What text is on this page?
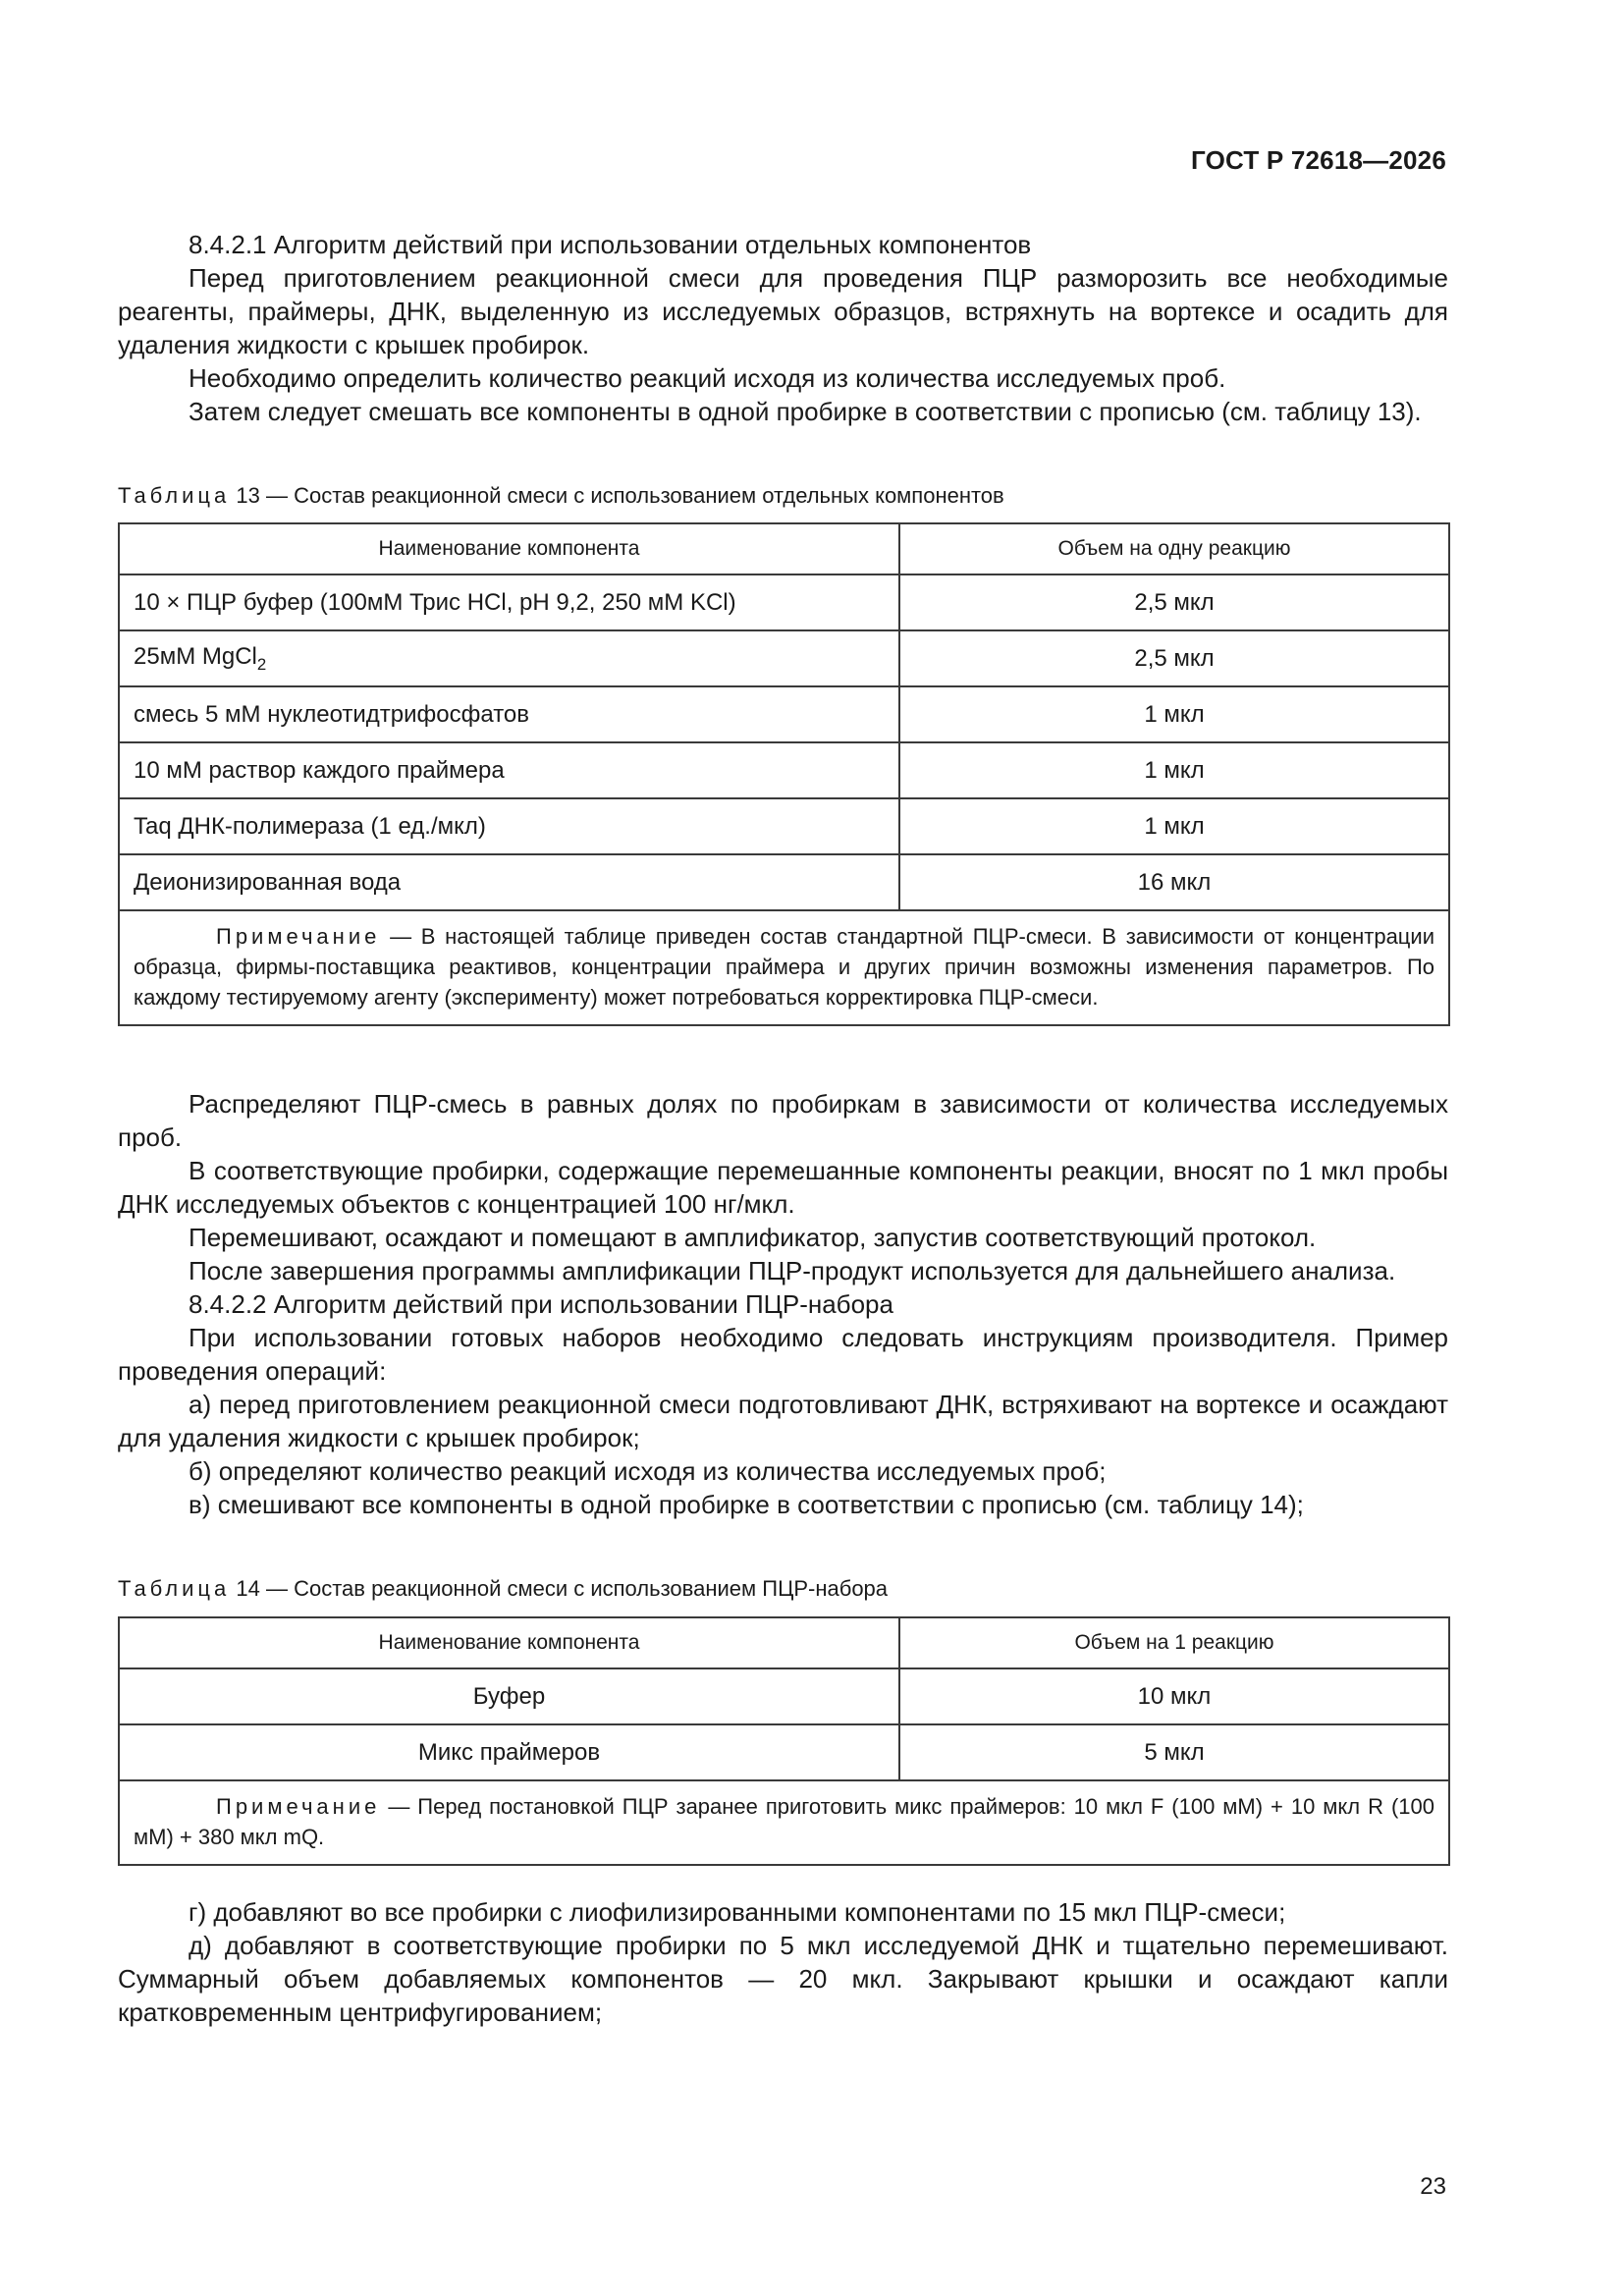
ГОСТ Р 72618—2026

8.4.2.1 Алгоритм действий при использовании отдельных компонентов

Перед приготовлением реакционной смеси для проведения ПЦР разморозить все необходимые реагенты, праймеры, ДНК, выделенную из исследуемых образцов, встряхнуть на вортексе и осадить для удаления жидкости с крышек пробирок.

Необходимо определить количество реакций исходя из количества исследуемых проб.

Затем следует смешать все компоненты в одной пробирке в соответствии с прописью (см. таблицу 13).

Таблица 13 — Состав реакционной смеси с использованием отдельных компонентов

Наименование компонента	Объем на одну реакцию
10 × ПЦР буфер (100мМ Трис HCl, pH 9,2, 250 мМ KCl)	2,5 мкл
25мМ MgCl$_2$	2,5 мкл
смесь 5 мМ нуклеотидтрифосфатов	1 мкл
10 мМ раствор каждого праймера	1 мкл
Taq ДНК-полимераза (1 ед./мкл)	1 мкл
Деионизированная вода	16 мкл
Примечание — В настоящей таблице приведен состав стандартной ПЦР-смеси. В зависимости от концентрации образца, фирмы-поставщика реактивов, концентрации праймера и других причин возможны изменения параметров. По каждому тестируемому агенту (эксперименту) может потребоваться корректировка ПЦР-смеси.	

Распределяют ПЦР-смесь в равных долях по пробиркам в зависимости от количества исследуемых проб.

В соответствующие пробирки, содержащие перемешанные компоненты реакции, вносят по 1 мкл пробы ДНК исследуемых объектов с концентрацией 100 нг/мкл.

Перемешивают, осаждают и помещают в амплификатор, запустив соответствующий протокол.

После завершения программы амплификации ПЦР-продукт используется для дальнейшего анализа.

8.4.2.2 Алгоритм действий при использовании ПЦР-набора

При использовании готовых наборов необходимо следовать инструкциям производителя. Пример проведения операций:

а) перед приготовлением реакционной смеси подготовливают ДНК, встряхивают на вортексе и осаждают для удаления жидкости с крышек пробирок;

б) определяют количество реакций исходя из количества исследуемых проб;

в) смешивают все компоненты в одной пробирке в соответствии с прописью (см. таблицу 14);

Таблица 14 — Состав реакционной смеси с использованием ПЦР-набора

Наименование компонента	Объем на 1 реакцию
Буфер	10 мкл
Микс праймеров	5 мкл
Примечание — Перед постановкой ПЦР заранее приготовить микс праймеров: 10 мкл F (100 мМ) + 10 мкл R (100 мМ) + 380 мкл mQ.	

г) добавляют во все пробирки с лиофилизированными компонентами по 15 мкл ПЦР-смеси;

д) добавляют в соответствующие пробирки по 5 мкл исследуемой ДНК и тщательно перемешивают. Суммарный объем добавляемых компонентов — 20 мкл. Закрывают крышки и осаждают капли кратковременным центрифугированием;

23
